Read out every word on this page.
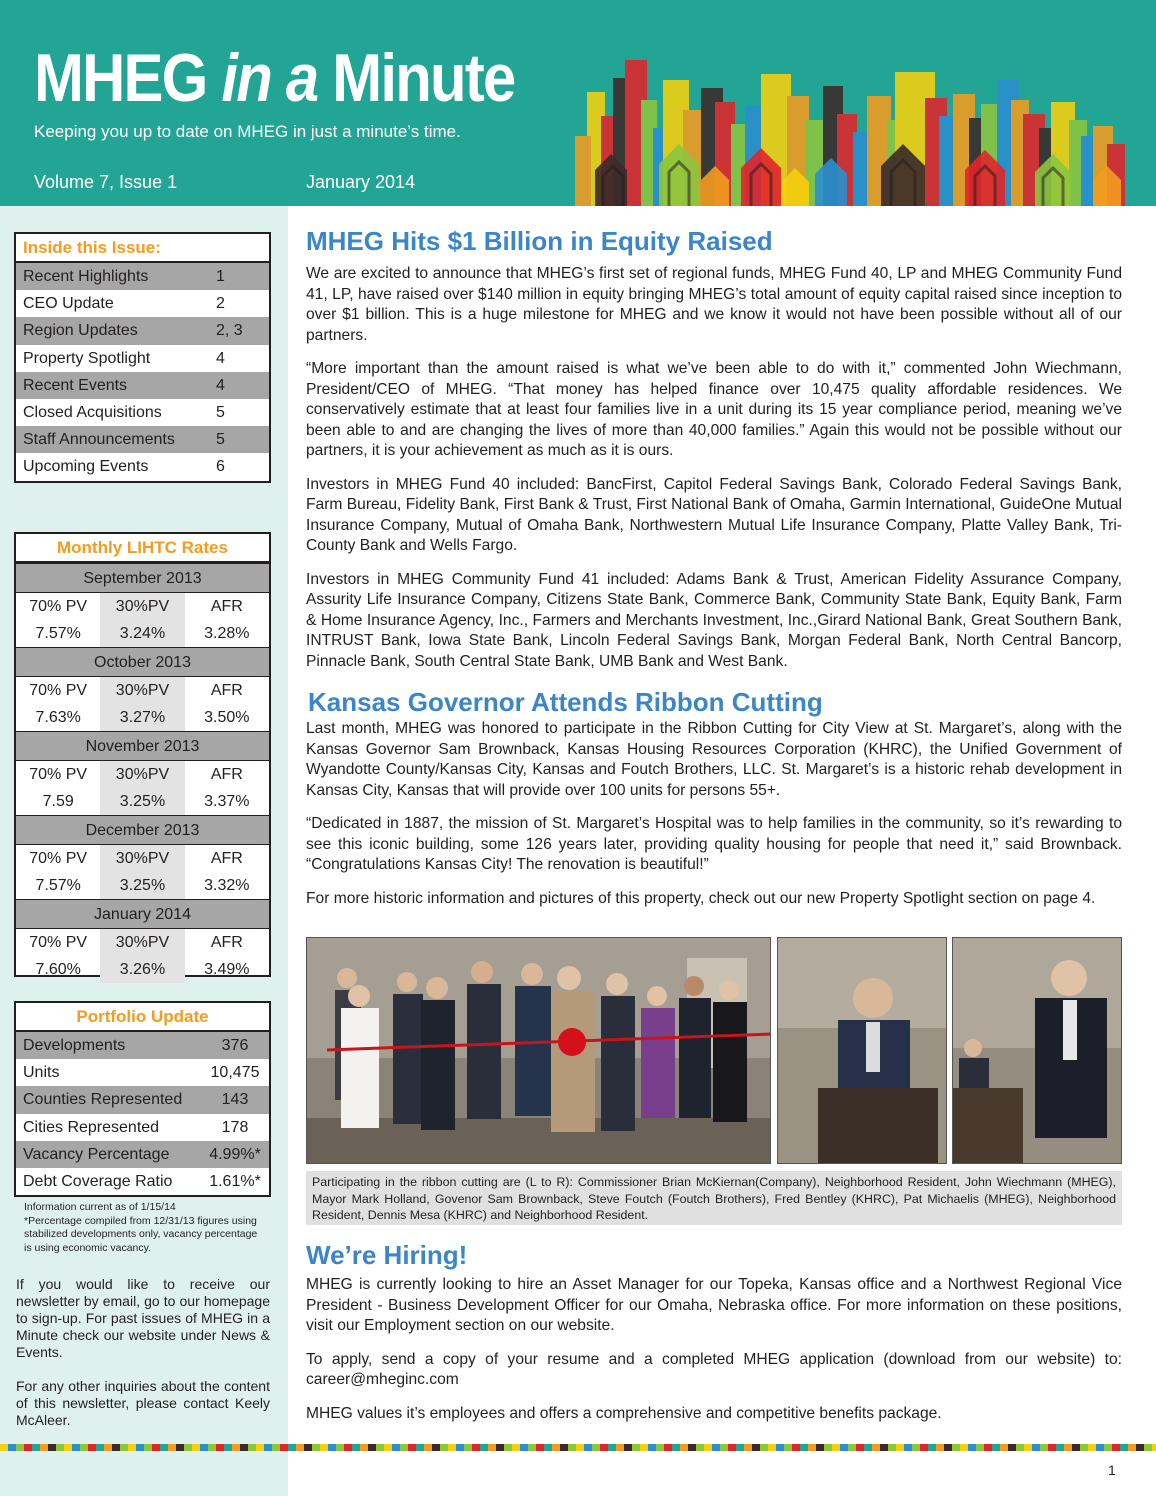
MHEG in a Minute
Keeping you up to date on MHEG in just a minute’s time.
Volume 7, Issue 1	January 2014
Inside this Issue:
Recent Highlights	1
CEO Update	2
Region Updates	2, 3
Property Spotlight	4
Recent Events	4
Closed Acquisitions	5
Staff Announcements	5
Upcoming Events	6
Monthly LIHTC Rates
September 2013
70% PV	30%PV	AFR
7.57%	3.24%	3.28%
October 2013
70% PV	30%PV	AFR
7.63%	3.27%	3.50%
November 2013
70% PV	30%PV	AFR
7.59	3.25%	3.37%
December 2013
70% PV	30%PV	AFR
7.57%	3.25%	3.32%
January 2014
70% PV	30%PV	AFR
7.60%	3.26%	3.49%
Portfolio Update
Developments	376
Units	10,475
Counties Represented	143
Cities Represented	178
Vacancy Percentage	4.99%*
Debt Coverage Ratio	1.61%*
Information current as of 1/15/14
*Percentage compiled from 12/31/13 figures using stabilized developments only, vacancy percentage is using economic vacancy.
If you would like to receive our newsletter by email, go to our homepage to sign-up. For past issues of MHEG in a Minute check our website under News & Events.
For any other inquiries about the content of this newsletter, please contact Keely McAleer.
MHEG Hits $1 Billion in Equity Raised

We are excited to announce that MHEG’s first set of regional funds, MHEG Fund 40, LP and MHEG Community Fund 41, LP, have raised over $140 million in equity bringing MHEG’s total amount of equity capital raised since inception to over $1 billion. This is a huge milestone for MHEG and we know it would not have been possible without all of our partners.

“More important than the amount raised is what we’ve been able to do with it,” commented John Wiechmann, President/CEO of MHEG. “That money has helped finance over 10,475 quality affordable residences. We conservatively estimate that at least four families live in a unit during its 15 year compliance period, meaning we’ve been able to and are changing the lives of more than 40,000 families.” Again this would not be possible without our partners, it is your achievement as much as it is ours.

Investors in MHEG Fund 40 included: BancFirst, Capitol Federal Savings Bank, Colorado Federal Savings Bank, Farm Bureau, Fidelity Bank, First Bank & Trust, First National Bank of Omaha, Garmin International, GuideOne Mutual Insurance Company, Mutual of Omaha Bank, Northwestern Mutual Life Insurance Company, Platte Valley Bank, Tri-County Bank and Wells Fargo.

Investors in MHEG Community Fund 41 included: Adams Bank & Trust, American Fidelity Assurance Company, Assurity Life Insurance Company, Citizens State Bank, Commerce Bank, Community State Bank, Equity Bank, Farm & Home Insurance Agency, Inc., Farmers and Merchants Investment, Inc.,Girard National Bank, Great Southern Bank, INTRUST Bank, Iowa State Bank, Lincoln Federal Savings Bank, Morgan Federal Bank, North Central Bancorp, Pinnacle Bank, South Central State Bank, UMB Bank and West Bank.

Kansas Governor Attends Ribbon Cutting

Last month, MHEG was honored to participate in the Ribbon Cutting for City View at St. Margaret’s, along with the Kansas Governor Sam Brownback, Kansas Housing Resources Corporation (KHRC), the Unified Government of Wyandotte County/Kansas City, Kansas and Foutch Brothers, LLC. St. Margaret’s is a historic rehab development in Kansas City, Kansas that will provide over 100 units for persons 55+.

“Dedicated in 1887, the mission of St. Margaret’s Hospital was to help families in the community, so it’s rewarding to see this iconic building, some 126 years later, providing quality housing for people that need it,” said Brownback. “Congratulations Kansas City! The renovation is beautiful!”

For more historic information and pictures of this property, check out our new Property Spotlight section on page 4.

Participating in the ribbon cutting are (L to R): Commissioner Brian McKiernan(Company), Neighborhood Resident, John Wiechmann (MHEG), Mayor Mark Holland, Govenor Sam Brownback, Steve Foutch (Foutch Brothers), Fred Bentley (KHRC), Pat Michaelis (MHEG), Neighborhood Resident, Dennis Mesa (KHRC) and Neighborhood Resident.
We’re Hiring!

MHEG is currently looking to hire an Asset Manager for our Topeka, Kansas office and a Northwest Regional Vice President - Business Development Officer for our Omaha, Nebraska office. For more information on these positions, visit our Employment section on our website.

To apply, send a copy of your resume and a completed MHEG application (download from our website) to: career@mheginc.com

MHEG values it’s employees and offers a comprehensive and competitive benefits package.

1
